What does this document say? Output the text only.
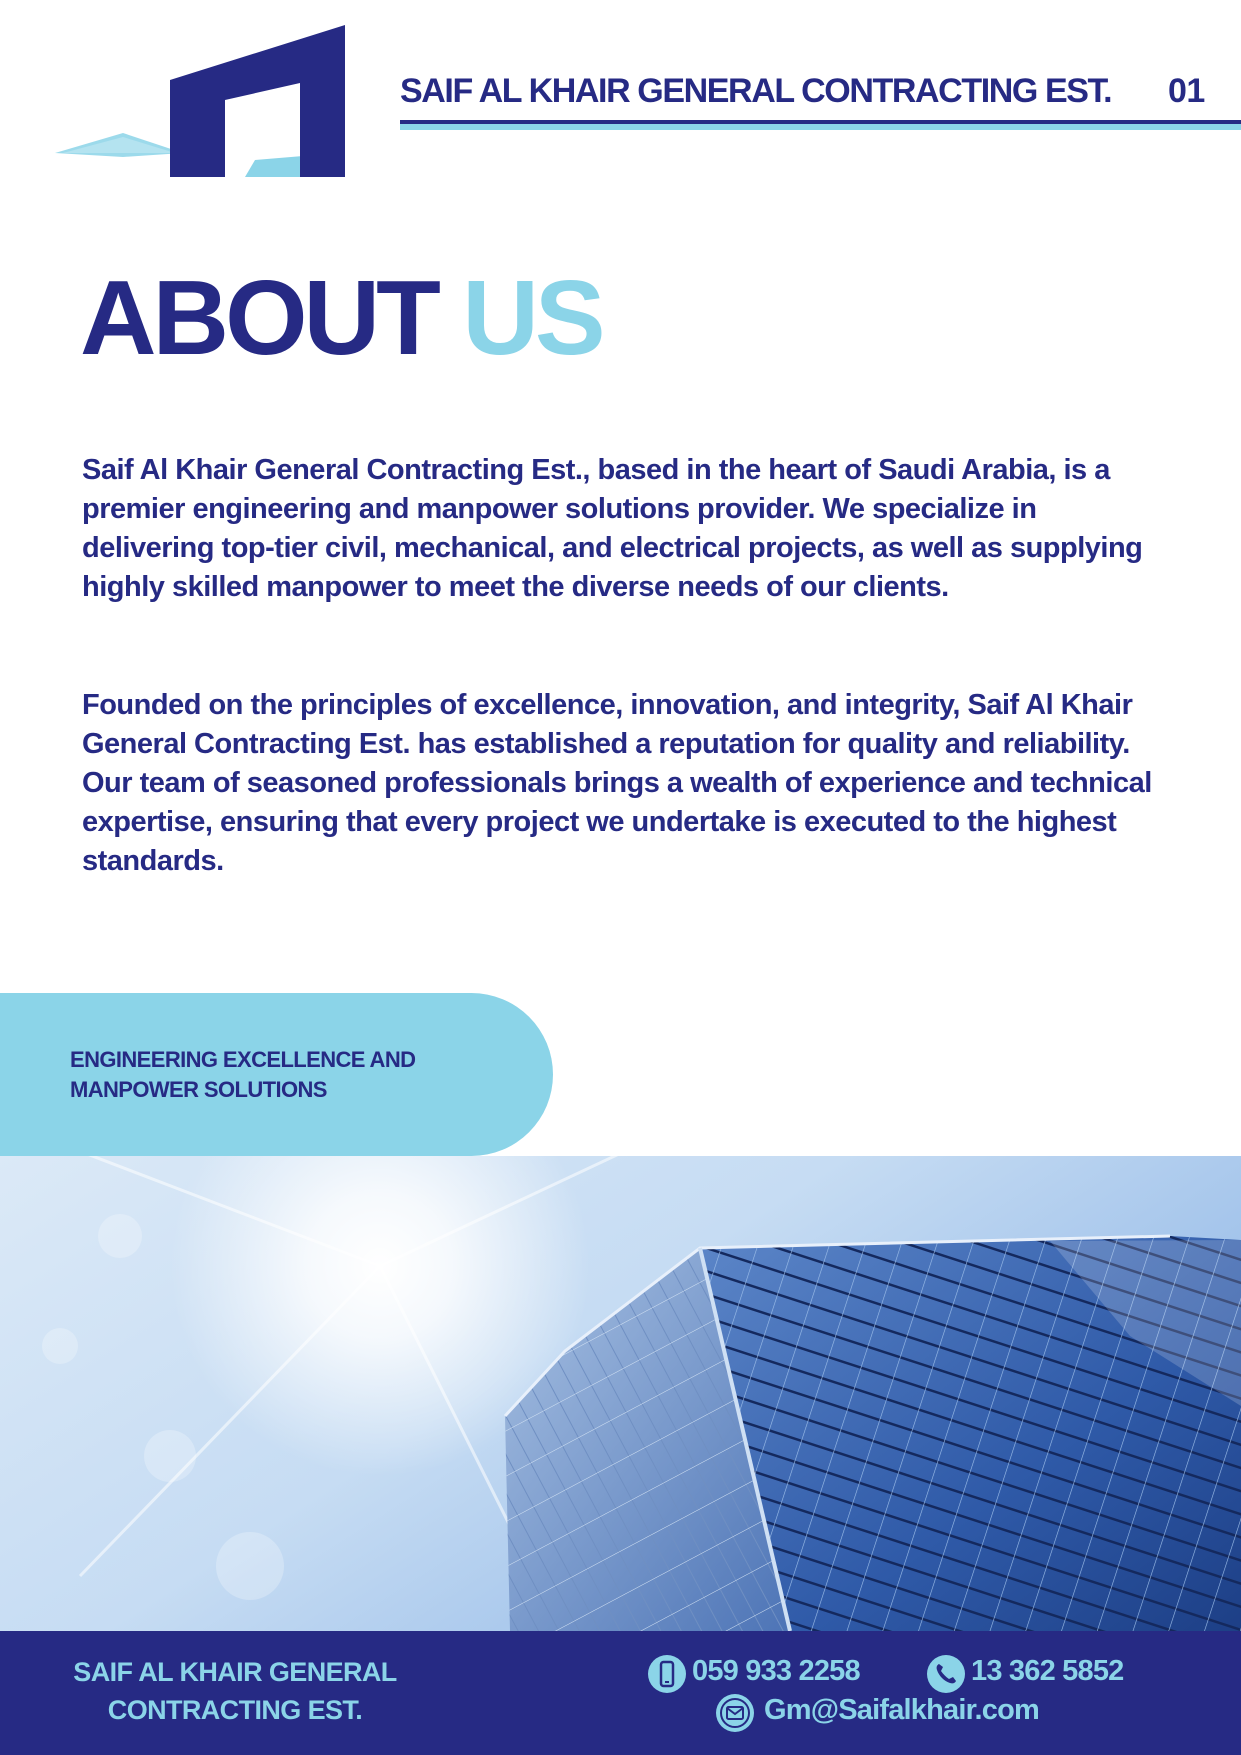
SAIF AL KHAIR GENERAL CONTRACTING EST. 01
ABOUT US
Saif Al Khair General Contracting Est., based in the heart of Saudi Arabia, is a premier engineering and manpower solutions provider. We specialize in delivering top-tier civil, mechanical, and electrical projects, as well as supplying highly skilled manpower to meet the diverse needs of our clients.
Founded on the principles of excellence, innovation, and integrity, Saif Al Khair General Contracting Est. has established a reputation for quality and reliability. Our team of seasoned professionals brings a wealth of experience and technical expertise, ensuring that every project we undertake is executed to the highest standards.
ENGINEERING EXCELLENCE AND
MANPOWER SOLUTIONS
SAIF AL KHAIR GENERAL
CONTRACTING EST.
059 933 2258	13 362 5852
Gm@Saifalkhair.com
